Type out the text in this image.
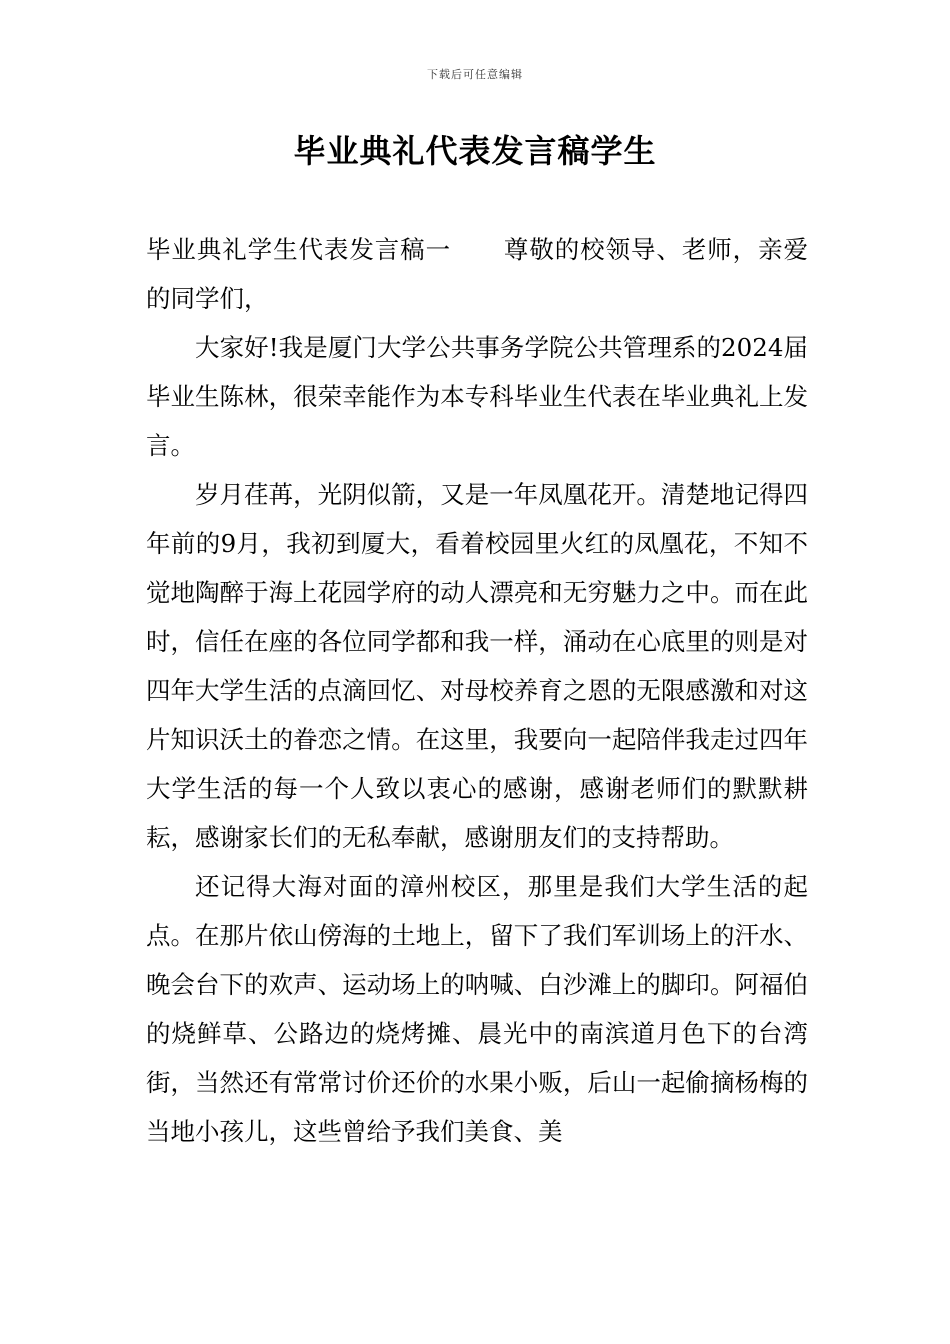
下载后可任意编辑
毕业典礼代表发言稿学生

毕业典礼学生代表发言稿一 尊敬的校领导、老师，亲爱的同学们，

大家好!我是厦门大学公共事务学院公共管理系的2024届毕业生陈林，很荣幸能作为本专科毕业生代表在毕业典礼上发言。

岁月荏苒，光阴似箭，又是一年凤凰花开。清楚地记得四年前的9月，我初到厦大，看着校园里火红的凤凰花，不知不觉地陶醉于海上花园学府的动人漂亮和无穷魅力之中。而在此时，信任在座的各位同学都和我一样，涌动在心底里的则是对四年大学生活的点滴回忆、对母校养育之恩的无限感激和对这片知识沃土的眷恋之情。在这里，我要向一起陪伴我走过四年大学生活的每一个人致以衷心的感谢，感谢老师们的默默耕耘，感谢家长们的无私奉献，感谢朋友们的支持帮助。

还记得大海对面的漳州校区，那里是我们大学生活的起点。在那片依山傍海的土地上，留下了我们军训场上的汗水、晚会台下的欢声、运动场上的呐喊、白沙滩上的脚印。阿福伯的烧鲜草、公路边的烧烤摊、晨光中的南滨道月色下的台湾街，当然还有常常讨价还价的水果小贩，后山一起偷摘杨梅的当地小孩儿，这些曾给予我们美食、美
